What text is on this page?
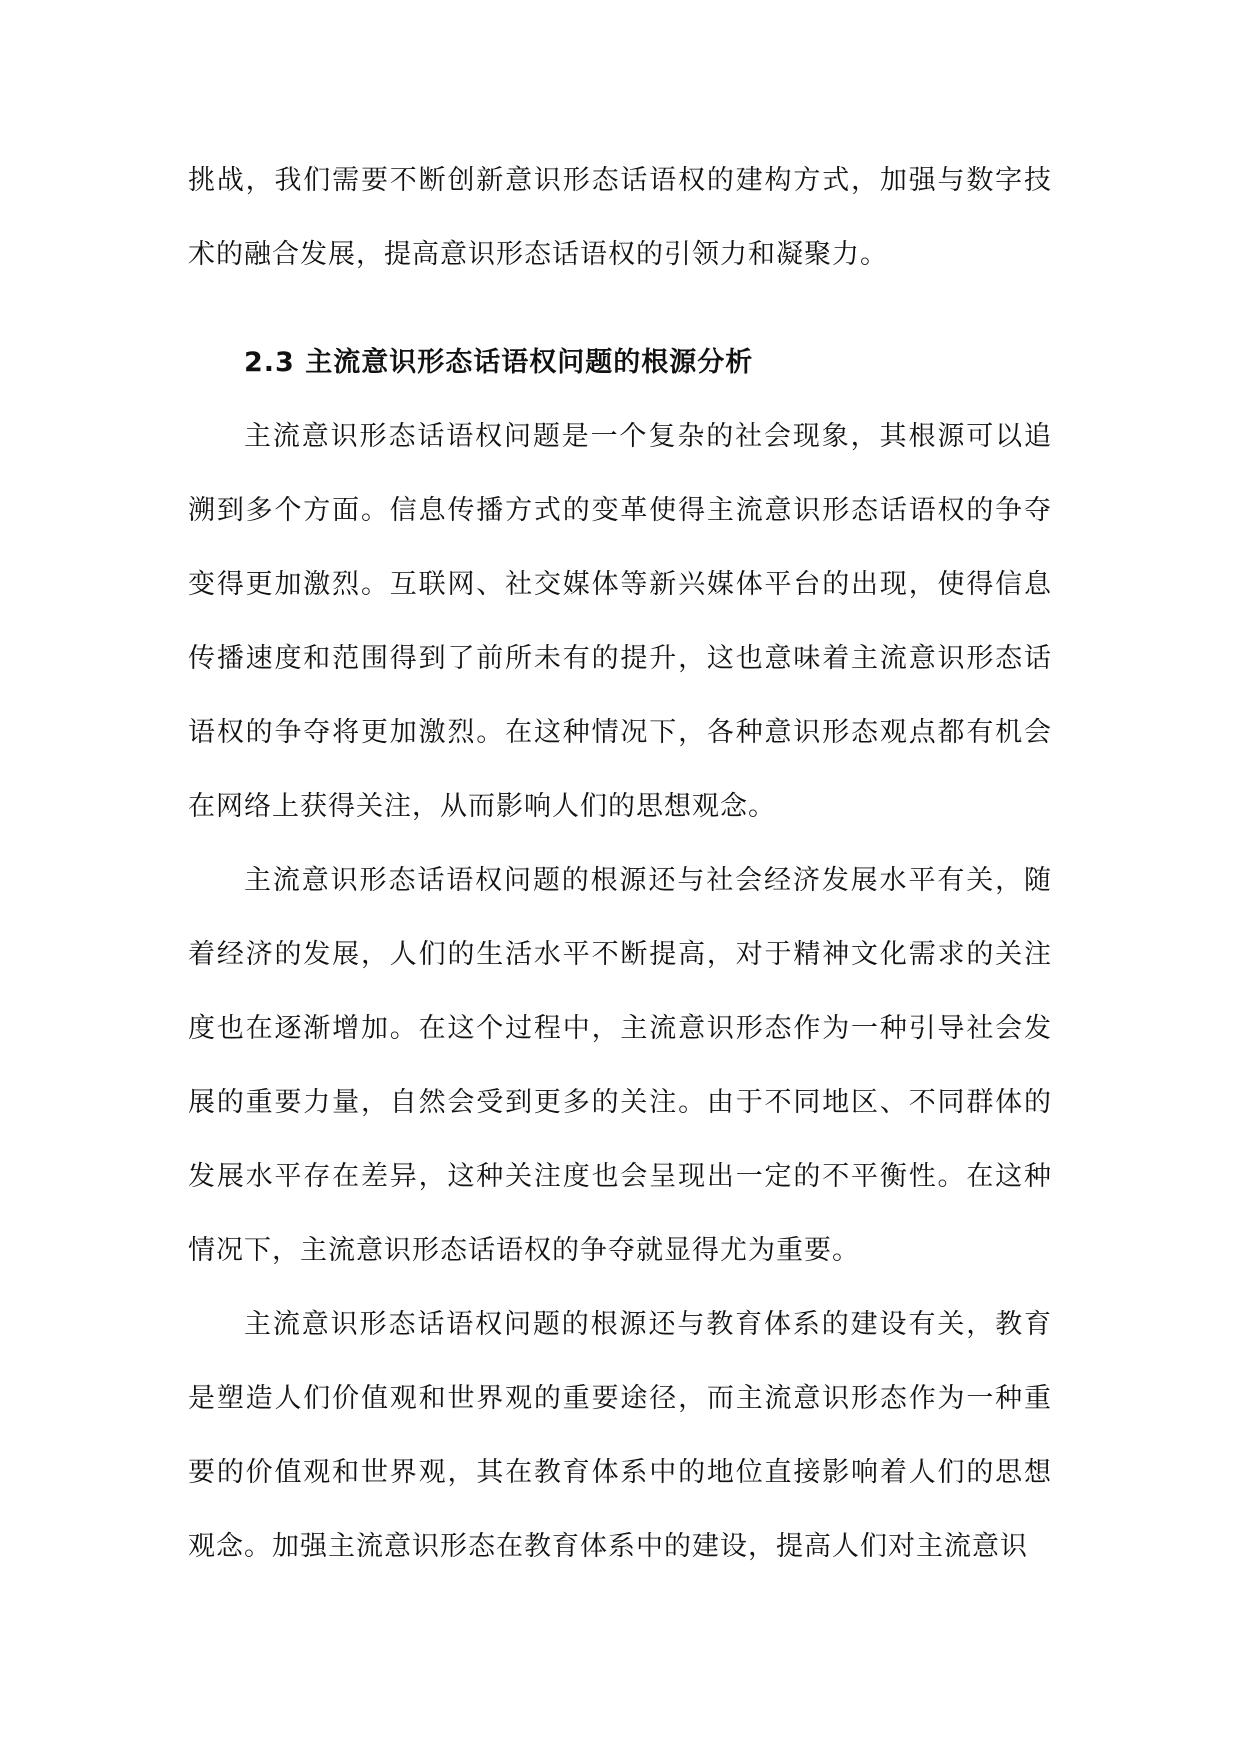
挑战，我们需要不断创新意识形态话语权的建构方式，加强与数字技术的融合发展，提高意识形态话语权的引领力和凝聚力。

2.3 主流意识形态话语权问题的根源分析

主流意识形态话语权问题是一个复杂的社会现象，其根源可以追溯到多个方面。信息传播方式的变革使得主流意识形态话语权的争夺变得更加激烈。互联网、社交媒体等新兴媒体平台的出现，使得信息传播速度和范围得到了前所未有的提升，这也意味着主流意识形态话语权的争夺将更加激烈。在这种情况下，各种意识形态观点都有机会在网络上获得关注，从而影响人们的思想观念。

主流意识形态话语权问题的根源还与社会经济发展水平有关，随着经济的发展，人们的生活水平不断提高，对于精神文化需求的关注度也在逐渐增加。在这个过程中，主流意识形态作为一种引导社会发展的重要力量，自然会受到更多的关注。由于不同地区、不同群体的发展水平存在差异，这种关注度也会呈现出一定的不平衡性。在这种情况下，主流意识形态话语权的争夺就显得尤为重要。

主流意识形态话语权问题的根源还与教育体系的建设有关，教育是塑造人们价值观和世界观的重要途径，而主流意识形态作为一种重要的价值观和世界观，其在教育体系中的地位直接影响着人们的思想观念。加强主流意识形态在教育体系中的建设，提高人们对主流意识
